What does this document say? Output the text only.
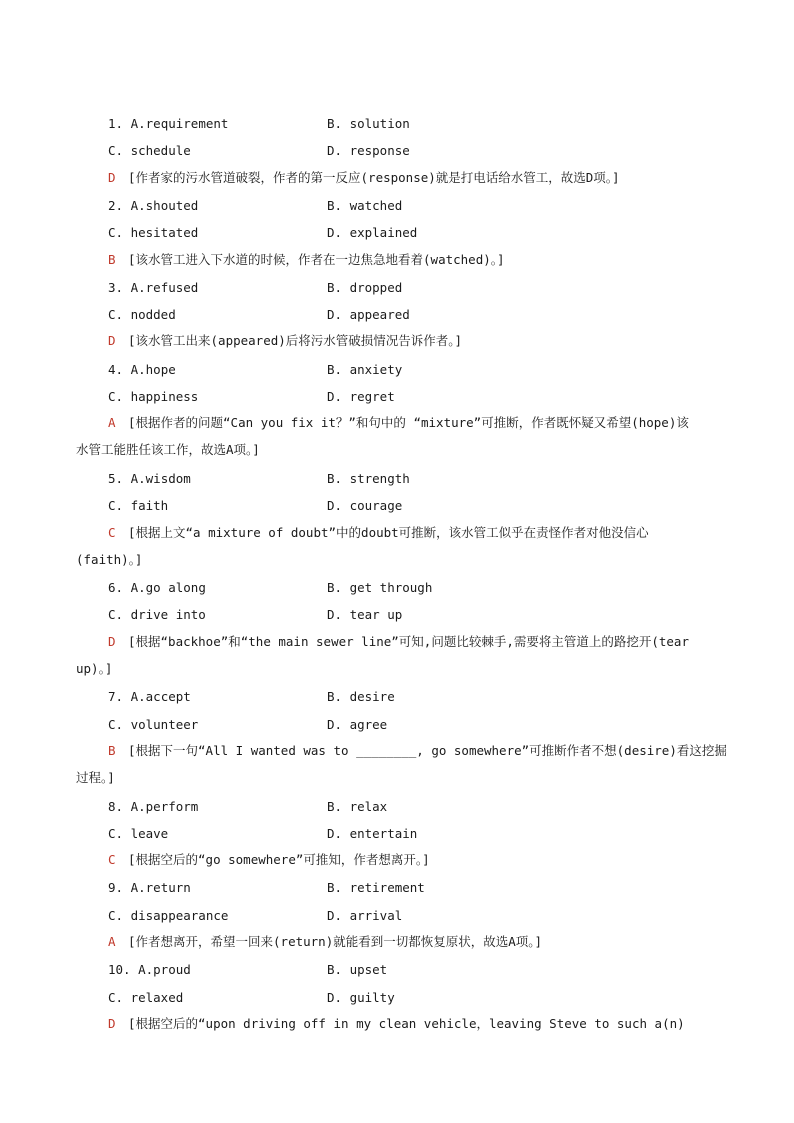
1. A.requirement	B. solution
C. schedule	D. response
D [作者家的污水管道破裂，作者的第一反应(response)就是打电话给水管工，故选D项。]
2. A.shouted	B. watched
C. hesitated	D. explained
B [该水管工进入下水道的时候，作者在一边焦急地看着(watched)。]
3. A.refused	B. dropped
C. nodded	D. appeared
D [该水管工出来(appeared)后将污水管破损情况告诉作者。]
4. A.hope	B. anxiety
C. happiness	D. regret
A [根据作者的问题“Can you fix it？”和句中的 “mixture”可推断，作者既怀疑又希望(hope)该
水管工能胜任该工作，故选A项。]
5. A.wisdom	B. strength
C. faith	D. courage
C [根据上文“a mixture of doubt”中的doubt可推断，该水管工似乎在责怪作者对他没信心
(faith)。]
6. A.go along	B. get through
C. drive into	D. tear up
D [根据“backhoe”和“the main sewer line”可知,问题比较棘手,需要将主管道上的路挖开(tear
up)。]
7. A.accept	B. desire
C. volunteer	D. agree
B [根据下一句“All I wanted was to ________, go somewhere”可推断作者不想(desire)看这挖掘
过程。]
8. A.perform	B. relax
C. leave	D. entertain
C [根据空后的“go somewhere”可推知，作者想离开。]
9. A.return	B. retirement
C. disappearance	D. arrival
A [作者想离开，希望一回来(return)就能看到一切都恢复原状，故选A项。]
10. A.proud	B. upset
C. relaxed	D. guilty
D [根据空后的“upon driving off in my clean vehicle，leaving Steve to such a(n)
